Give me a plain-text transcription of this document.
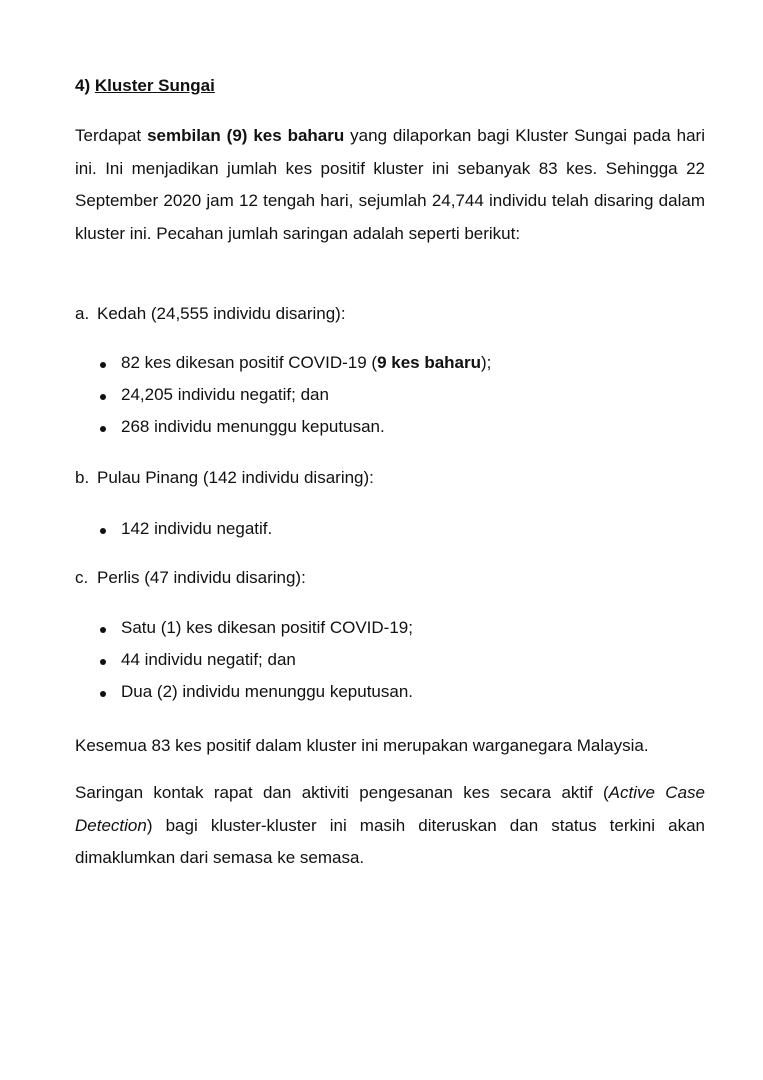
4) Kluster Sungai
Terdapat sembilan (9) kes baharu yang dilaporkan bagi Kluster Sungai pada hari ini. Ini menjadikan jumlah kes positif kluster ini sebanyak 83 kes. Sehingga 22 September 2020 jam 12 tengah hari, sejumlah 24,744 individu telah disaring dalam kluster ini. Pecahan jumlah saringan adalah seperti berikut:
a. Kedah (24,555 individu disaring):
82 kes dikesan positif COVID-19 (9 kes baharu);
24,205 individu negatif; dan
268 individu menunggu keputusan.
b. Pulau Pinang (142 individu disaring):
142 individu negatif.
c. Perlis (47 individu disaring):
Satu (1) kes dikesan positif COVID-19;
44 individu negatif; dan
Dua (2) individu menunggu keputusan.
Kesemua 83 kes positif dalam kluster ini merupakan warganegara Malaysia.
Saringan kontak rapat dan aktiviti pengesanan kes secara aktif (Active Case Detection) bagi kluster-kluster ini masih diteruskan dan status terkini akan dimaklumkan dari semasa ke semasa.
